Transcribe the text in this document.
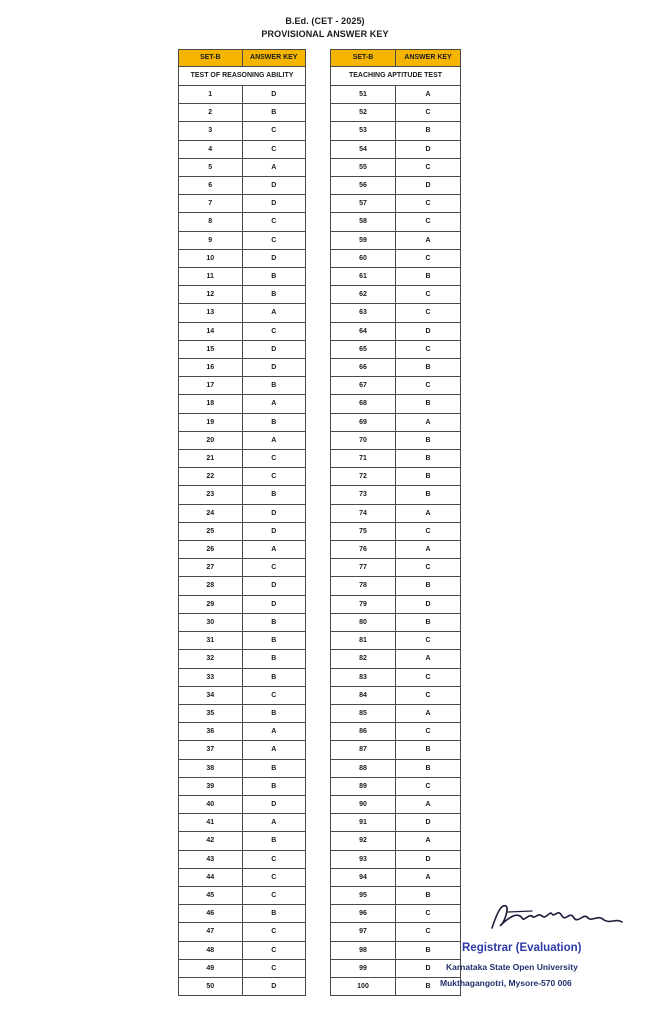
B.Ed. (CET - 2025)
PROVISIONAL ANSWER KEY
SET-B	ANSWER KEY
TEST OF REASONING ABILITY	
1	D
2	B
3	C
4	C
5	A
6	D
7	D
8	C
9	C
10	D
11	B
12	B
13	A
14	C
15	D
16	D
17	B
18	A
19	B
20	A
21	C
22	C
23	B
24	D
25	D
26	A
27	C
28	D
29	D
30	B
31	B
32	B
33	B
34	C
35	B
36	A
37	A
38	B
39	B
40	D
41	A
42	B
43	C
44	C
45	C
46	B
47	C
48	C
49	C
50	D
SET-B	ANSWER KEY
TEACHING APTITUDE TEST	
51	A
52	C
53	B
54	D
55	C
56	D
57	C
58	C
59	A
60	C
61	B
62	C
63	C
64	D
65	C
66	B
67	C
68	B
69	A
70	B
71	B
72	B
73	B
74	A
75	C
76	A
77	C
78	B
79	D
80	B
81	C
82	A
83	C
84	C
85	A
86	C
87	B
88	B
89	C
90	A
91	D
92	A
93	D
94	A
95	B
96	C
97	C
98	B
99	D
100	B
Registrar (Evaluation)
Karnataka State Open University
Mukthagangotri, Mysore-570 006
